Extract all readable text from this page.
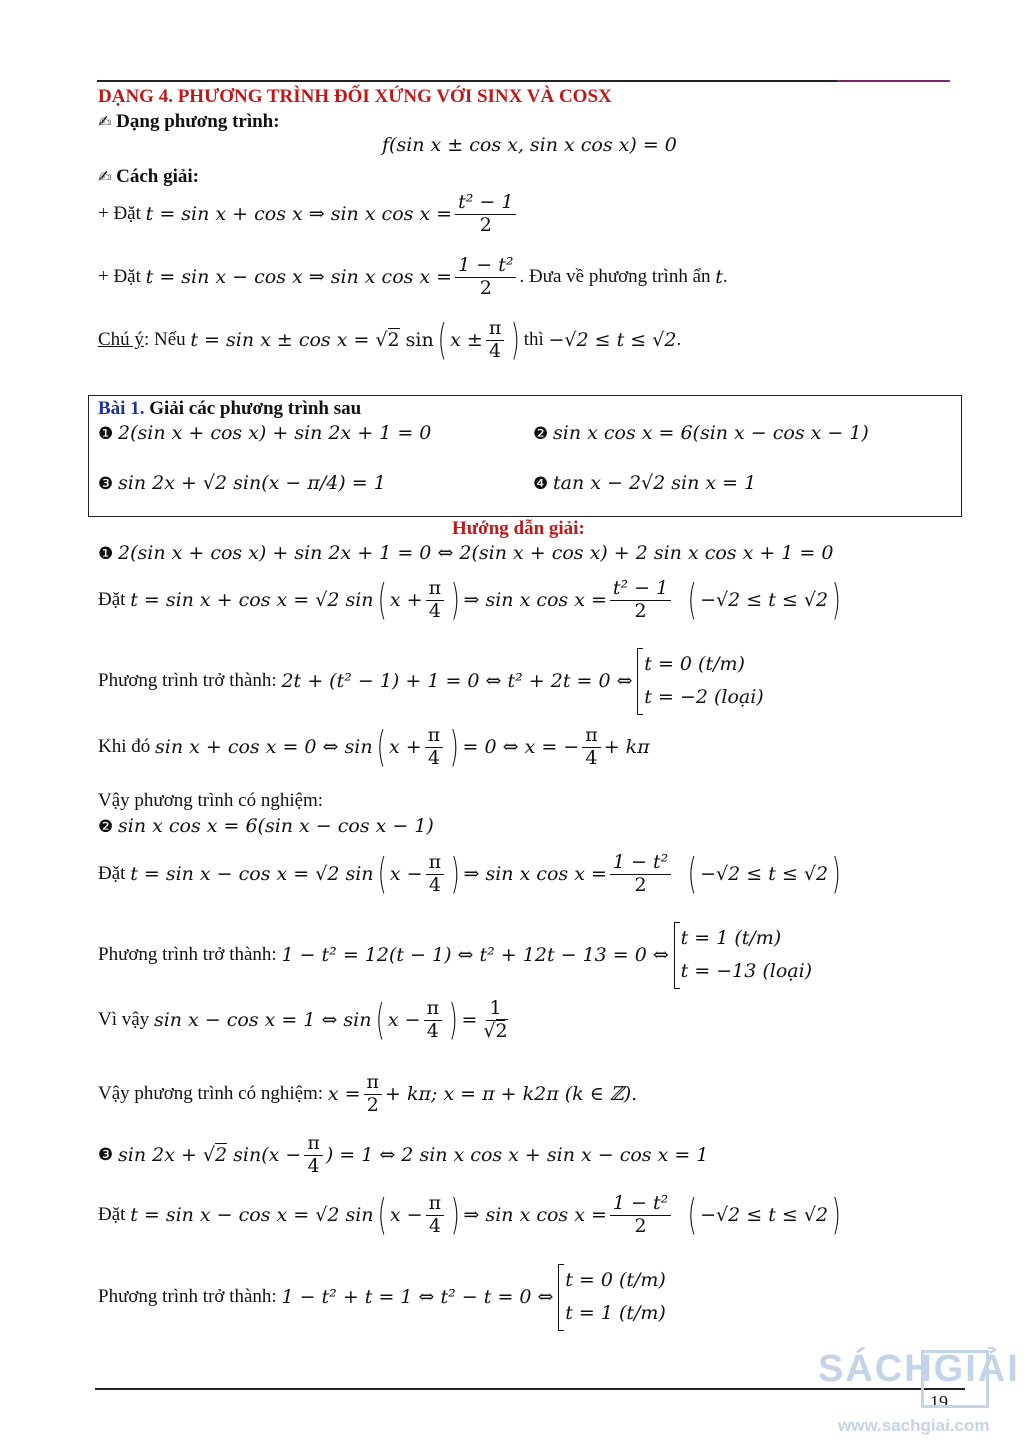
DẠNG 4. PHƯƠNG TRÌNH ĐỐI XỨNG VỚI SINX VÀ COSX
✍ Dạng phương trình:
f(sin x ± cos x, sin x cos x) = 0
✍ Cách giải:
+ Đặt
t = sin x + cos x ⇒ sin x $\cos x = \frac{\text{t² − 1}}{2}$
+ Đặt
t = sin x − cos x ⇒ sin x $\cos x = \frac{\text{1 − t²}}{2}$ . Đưa về phương trình ẩn
t .
Chú ý : Nếu
t = sin x ± cos x = √2 sin ( $x \pm \frac{\pi}{4}$ ) thì
−√2 ≤ t ≤ √2 .
Bài 1. Giải các phương trình sau
❶ 2(sin x + cos x) + sin 2x + 1 = 0	❷ sin x cos x = 6(sin x − cos x − 1)
❸ sin 2x + √2 sin(x − π/4) = 1	❹ tan x − 2√2 sin x = 1
Hướng dẫn giải:
❶ 2(sin x + cos x) + sin 2x + 1 = 0 ⇔ 2(sin x + cos x) + 2 sin x cos x + 1 = 0
Đặt
t = sin x + cos x = √2 sin ( $x + \frac{\pi}{4}$ ) ⇒ sin x $\cos x = \frac{\text{t² − 1}}{2}$
( −√2 ≤ t ≤ √2 )
Phương trình trở thành:
2t + (t² − 1) + 1 = 0 ⇔ t² + 2t = 0 ⇔

t = 0 (t/m)
t = −2 (loại)
Khi đó
sin x + cos x = 0 ⇔ sin ( $x + \frac{\pi}{4}$ ) = 0 ⇔ x = − $\frac{\pi}{4} + k\pi$
Vậy phương trình có nghiệm:
❷ sin x cos x = 6(sin x − cos x − 1)
Đặt
t = sin x − cos x = √2 sin ( $x - \frac{\pi}{4}$ ) ⇒ sin x $\cos x = \frac{\text{1 − t²}}{2}$
( −√2 ≤ t ≤ √2 )
Phương trình trở thành:
1 − t² = 12(t − 1) ⇔ t² + 12t − 13 = 0 ⇔

t = 1 (t/m)
t = −13 (loại)
Vì vậy
sin x − cos x = 1 ⇔ sin ( $x - \frac{\pi}{4}$ ) = $\frac{1}{√2}$
Vậy phương trình có nghiệm:
$x = \frac{\pi}{2} + k\pi$; x = π + k2π (k ∈ ℤ).
❸
sin 2x + √2 $\sin(x - \frac{\pi}{4}$ ) = 1 ⇔ 2 sin x cos x + sin x − cos x = 1
Đặt
t = sin x − cos x = √2 sin ( $x - \frac{\pi}{4}$ ) ⇒ sin x $\cos x = \frac{\text{1 − t²}}{2}$
( −√2 ≤ t ≤ √2 )
Phương trình trở thành:
1 − t² + t = 1 ⇔ t² − t = 0 ⇔

t = 0 (t/m)
t = 1 (t/m)
19
SÁCHGIẢI
www.sachgiai.com
